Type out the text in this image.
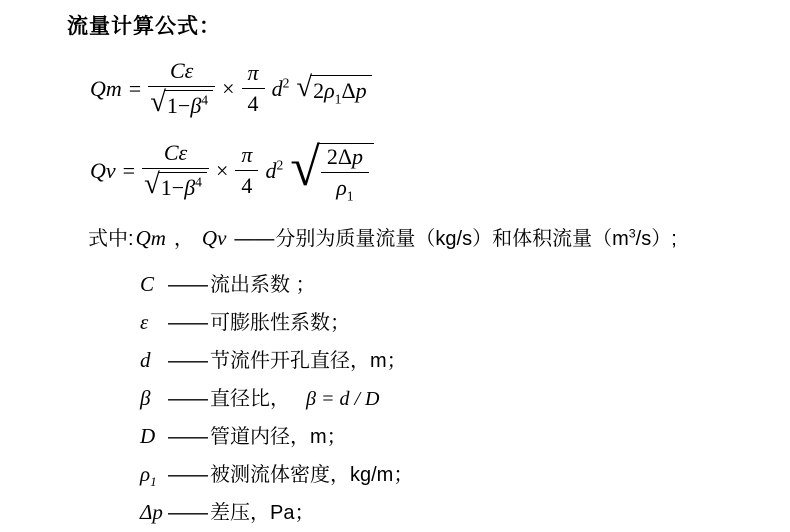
流量计算公式：
$Qm = \frac{C\varepsilon}{√ 1-\beta^4} \times \frac{\pi}{4} d^2$ √ $2\rho_1\Delta p$
$Qv = \frac{C\varepsilon}{√ 1-\beta^4} \times \frac{\pi}{4} d^2$ √ $\frac{2\Delta p}{\rho_1}$
式中:Qm ， Qv ——分别为质量流量（kg/s）和体积流量$(m^3/s)$;
C —— 流出系数 ；
ε —— 可膨胀性系数；
d —— 节流件开孔直径，m；
β —— 直径比， β = d / D
D —— 管道内径，m；
$\rho_1$ —— 被测流体密度，kg/m；
Δp —— 差压，Pa；
